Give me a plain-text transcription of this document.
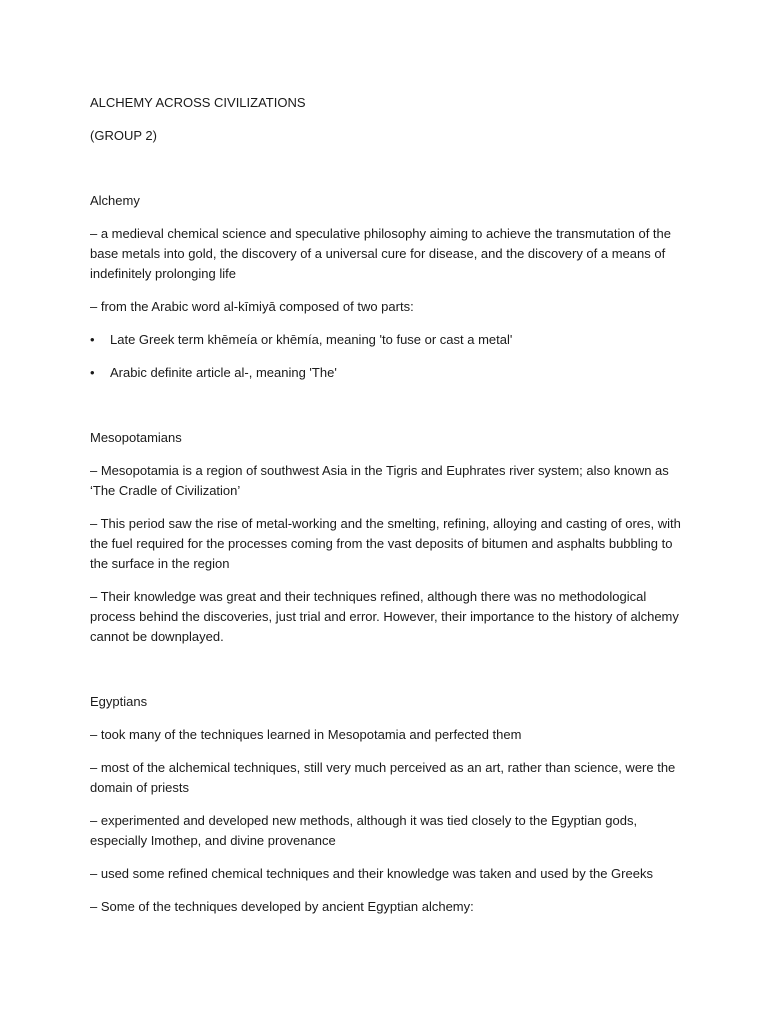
ALCHEMY ACROSS CIVILIZATIONS

(GROUP 2)

Alchemy

– a medieval chemical science and speculative philosophy aiming to achieve the transmutation of the base metals into gold, the discovery of a universal cure for disease, and the discovery of a means of indefinitely prolonging life

– from the Arabic word al-kīmiyā composed of two parts:

•	Late Greek term khēmeía or khēmía, meaning 'to fuse or cast a metal'
•	Arabic definite article al-, meaning 'The'

Mesopotamians

– Mesopotamia is a region of southwest Asia in the Tigris and Euphrates river system; also known as ‘The Cradle of Civilization’

– This period saw the rise of metal-working and the smelting, refining, alloying and casting of ores, with the fuel required for the processes coming from the vast deposits of bitumen and asphalts bubbling to the surface in the region

– Their knowledge was great and their techniques refined, although there was no methodological process behind the discoveries, just trial and error. However, their importance to the history of alchemy cannot be downplayed.

Egyptians

– took many of the techniques learned in Mesopotamia and perfected them

– most of the alchemical techniques, still very much perceived as an art, rather than science, were the domain of priests

– experimented and developed new methods, although it was tied closely to the Egyptian gods, especially Imothep, and divine provenance

– used some refined chemical techniques and their knowledge was taken and used by the Greeks

– Some of the techniques developed by ancient Egyptian alchemy:
